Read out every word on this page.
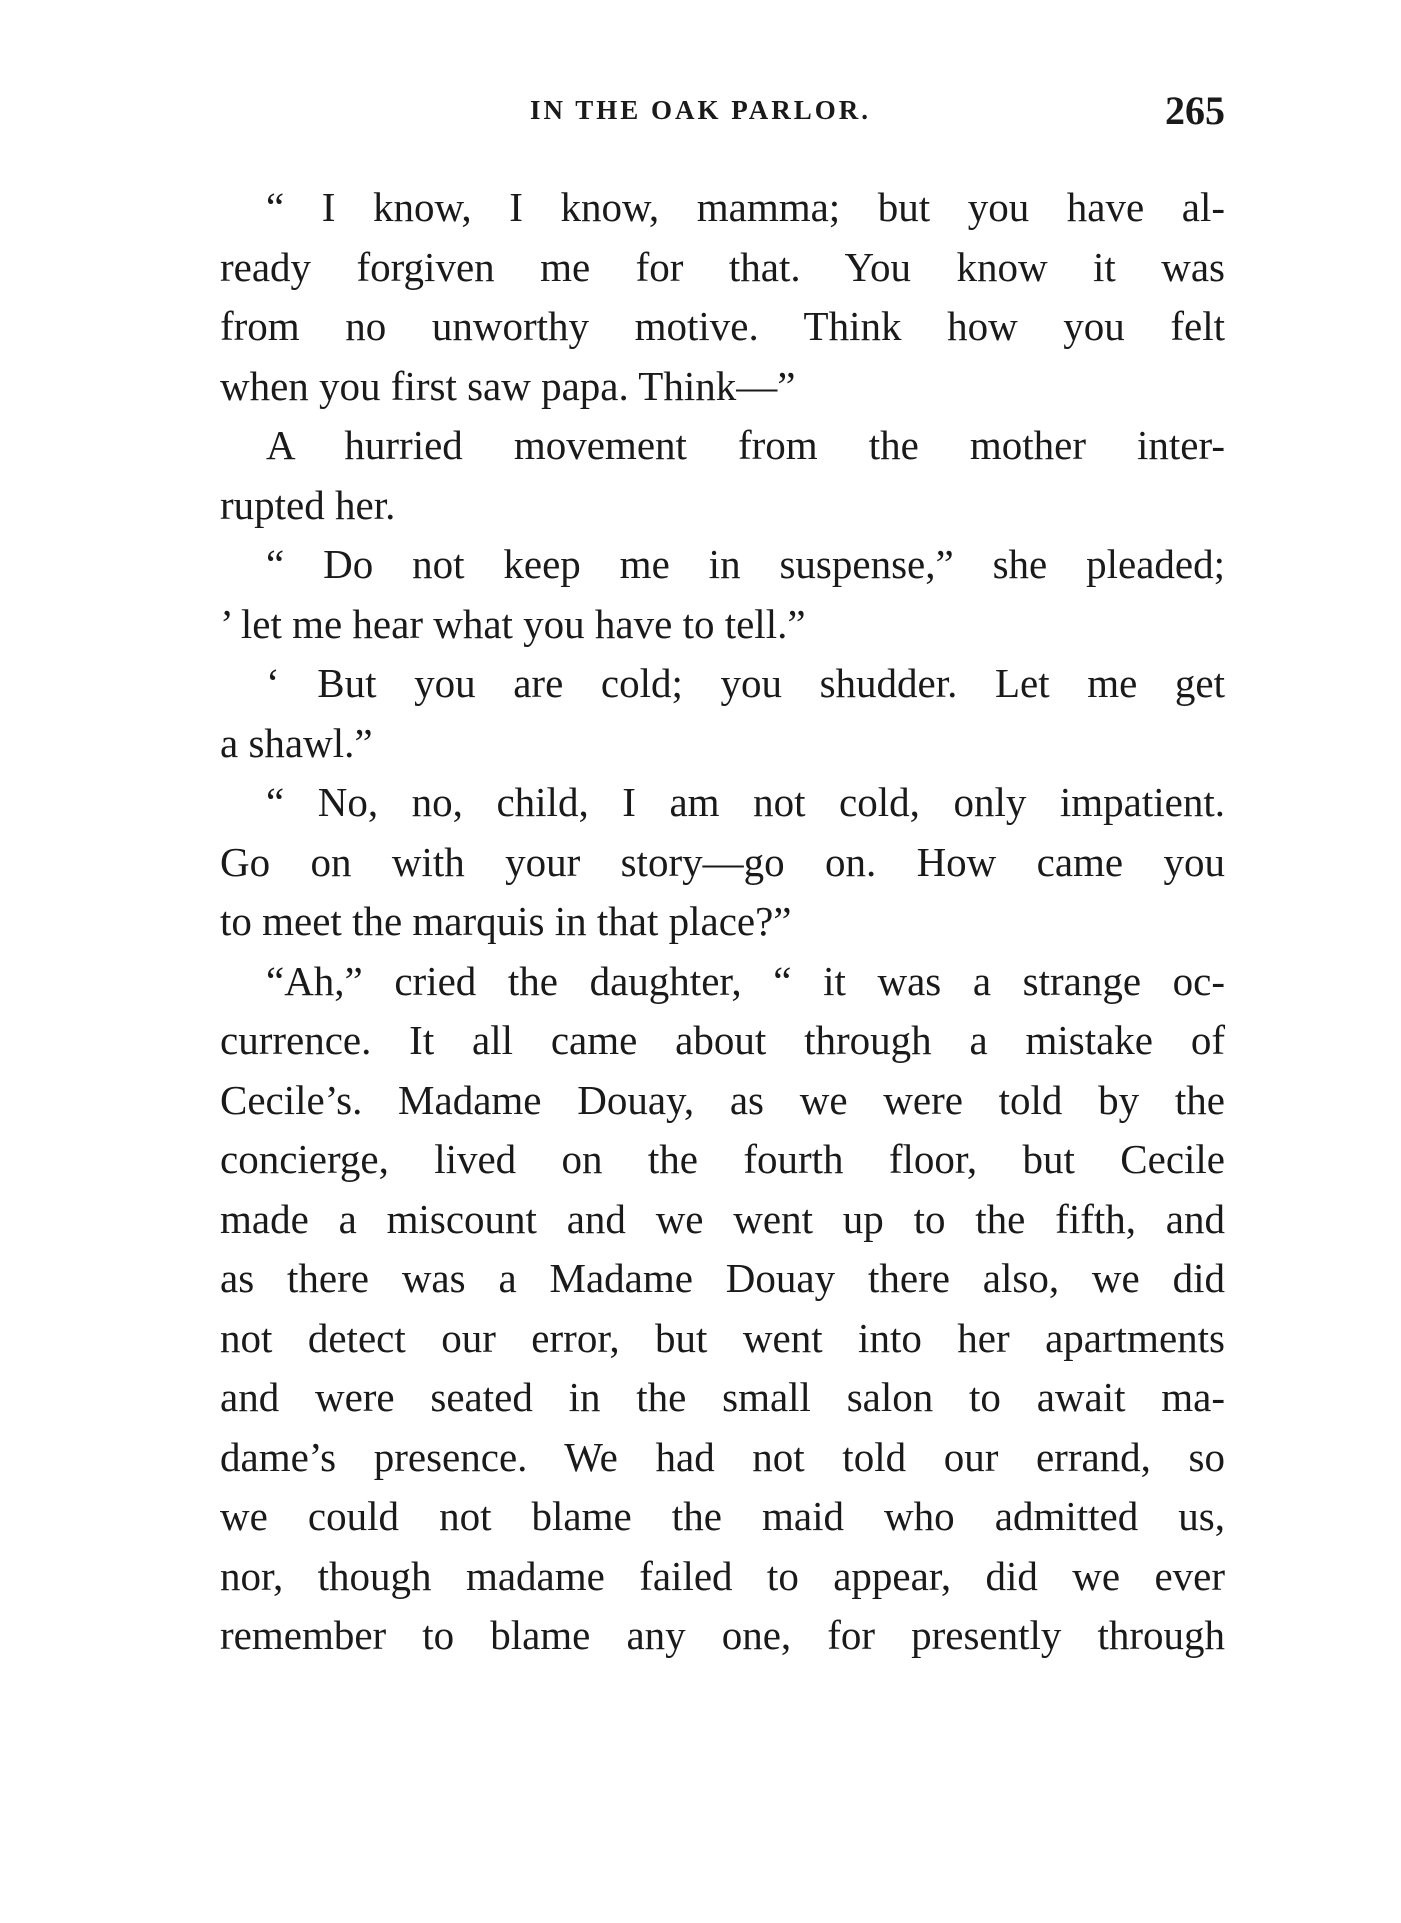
IN THE OAK PARLOR.	265
“ I know, I know, mamma; but you have al-
ready forgiven me for that. You know it was
from no unworthy motive. Think how you felt
when you first saw papa. Think—”
A hurried movement from the mother inter-
rupted her.
“ Do not keep me in suspense,” she pleaded;
’ let me hear what you have to tell.”
‘ But you are cold; you shudder. Let me get
a shawl.”
“ No, no, child, I am not cold, only impatient.
Go on with your story—go on. How came you
to meet the marquis in that place?”
“Ah,” cried the daughter, “ it was a strange oc-
currence. It all came about through a mistake of
Cecile’s. Madame Douay, as we were told by the
concierge, lived on the fourth floor, but Cecile
made a miscount and we went up to the fifth, and
as there was a Madame Douay there also, we did
not detect our error, but went into her apartments
and were seated in the small salon to await ma-
dame’s presence. We had not told our errand, so
we could not blame the maid who admitted us,
nor, though madame failed to appear, did we ever
remember to blame any one, for presently through
